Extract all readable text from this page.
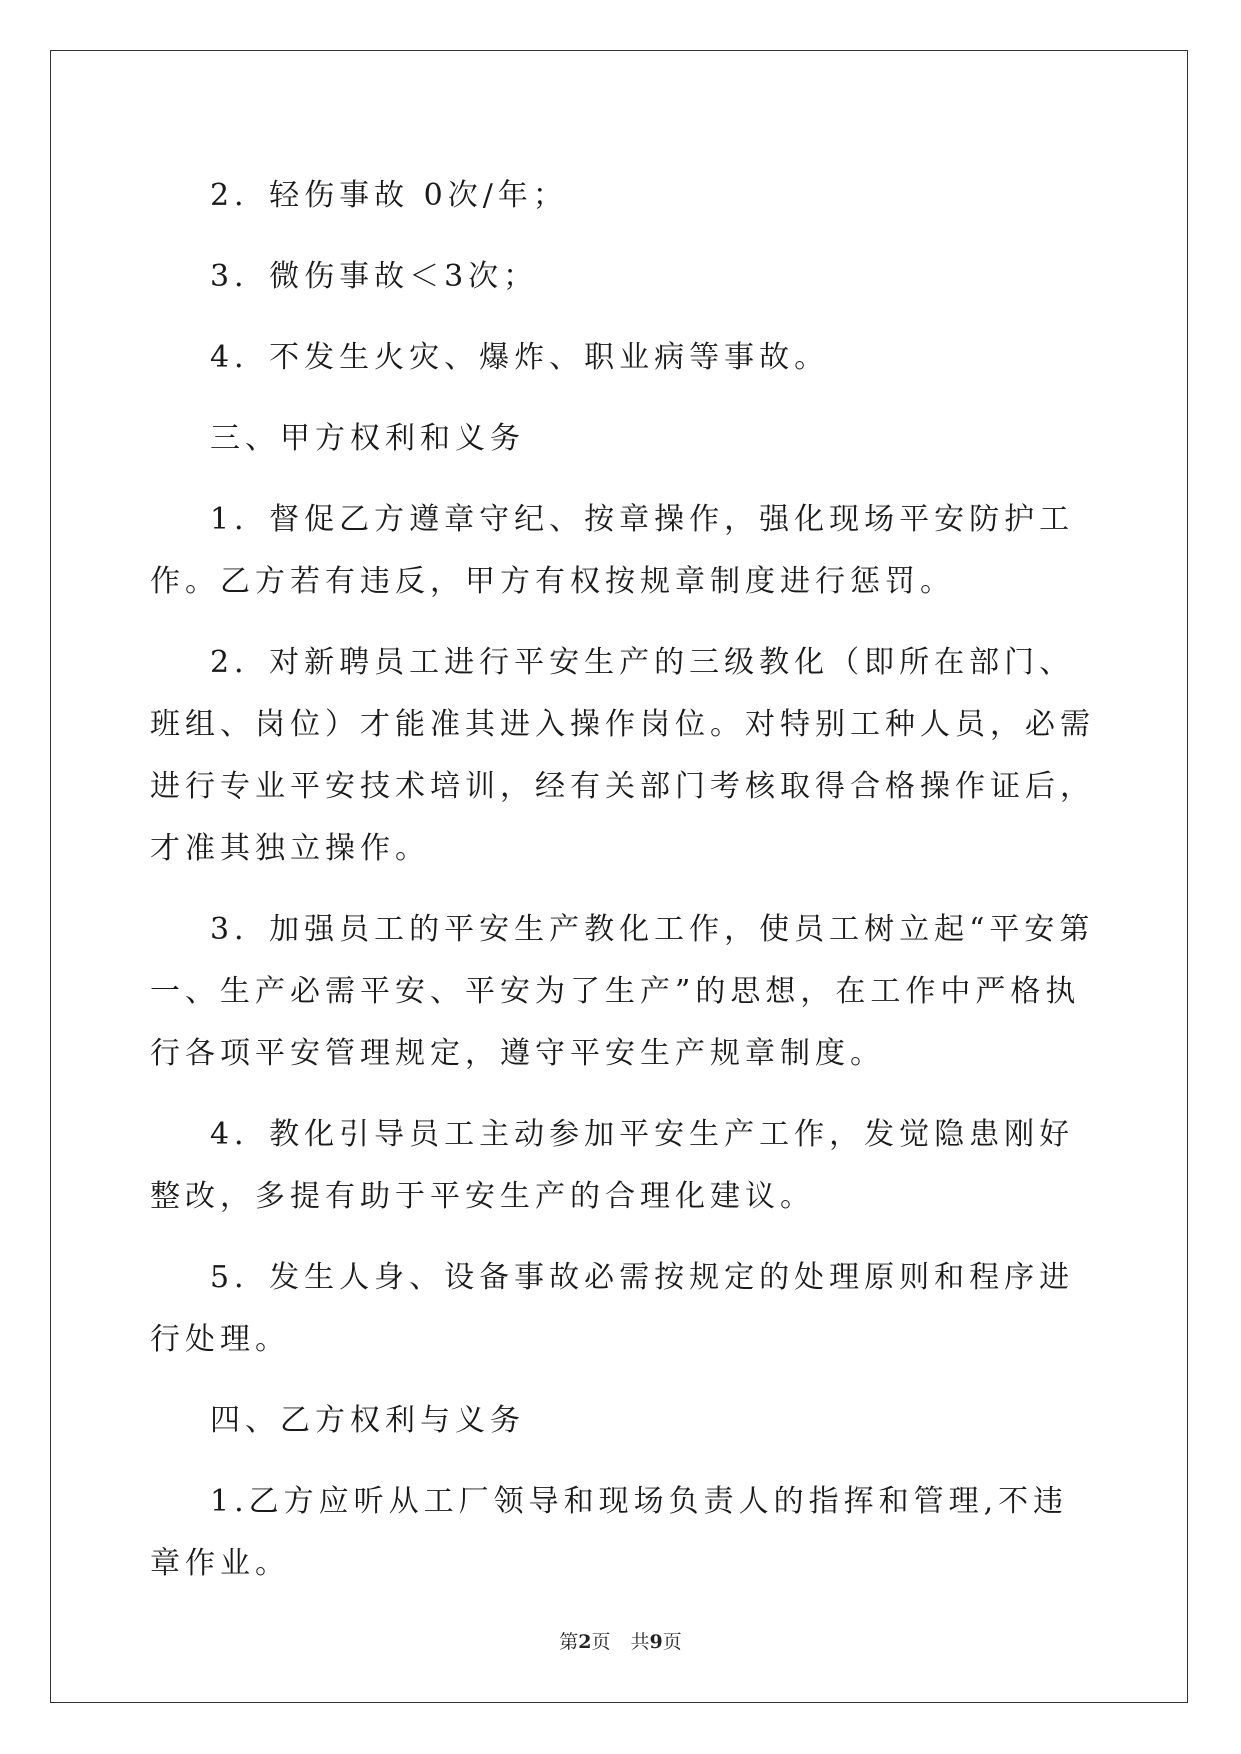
2．轻伤事故 0次/年；

3．微伤事故＜3次；

4．不发生火灾、爆炸、职业病等事故。

三、甲方权利和义务

1．督促乙方遵章守纪、按章操作，强化现场平安防护工作。乙方若有违反，甲方有权按规章制度进行惩罚。

2．对新聘员工进行平安生产的三级教化（即所在部门、班组、岗位）才能准其进入操作岗位。对特别工种人员，必需进行专业平安技术培训，经有关部门考核取得合格操作证后，才准其独立操作。

3．加强员工的平安生产教化工作，使员工树立起“平安第一、生产必需平安、平安为了生产”的思想，在工作中严格执行各项平安管理规定，遵守平安生产规章制度。

4．教化引导员工主动参加平安生产工作，发觉隐患刚好整改，多提有助于平安生产的合理化建议。

5．发生人身、设备事故必需按规定的处理原则和程序进行处理。

四、乙方权利与义务

1.乙方应听从工厂领导和现场负责人的指挥和管理,不违章作业。

第2页 共9页
